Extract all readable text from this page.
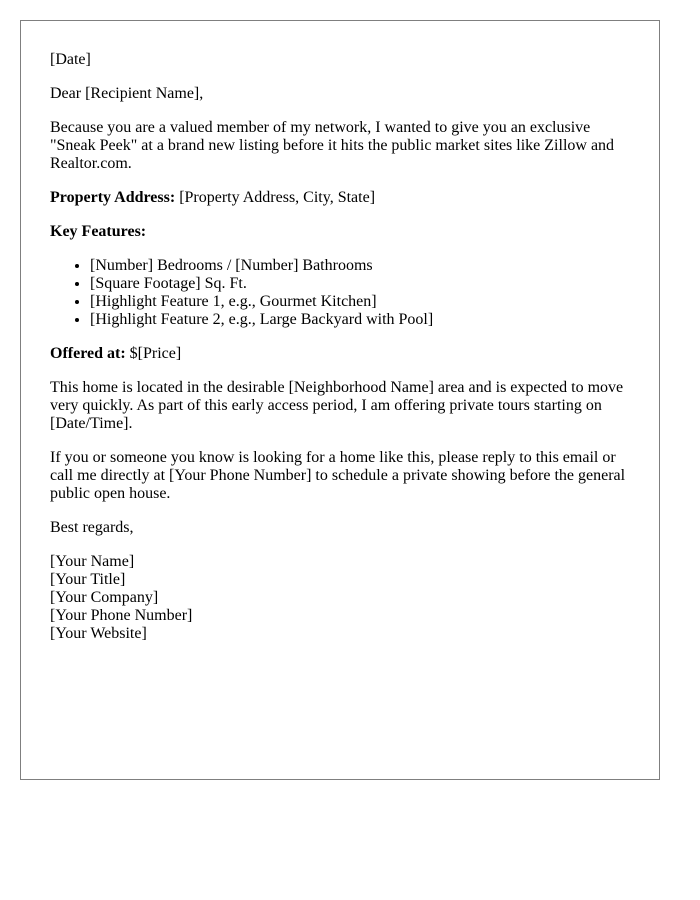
[Date]

Dear [Recipient Name],

Because you are a valued member of my network, I wanted to give you an exclusive "Sneak Peek" at a brand new listing before it hits the public market sites like Zillow and Realtor.com.

Property Address: [Property Address, City, State]

Key Features:

• [Number] Bedrooms / [Number] Bathrooms
• [Square Footage] Sq. Ft.
• [Highlight Feature 1, e.g., Gourmet Kitchen]
• [Highlight Feature 2, e.g., Large Backyard with Pool]

Offered at: $[Price]

This home is located in the desirable [Neighborhood Name] area and is expected to move very quickly. As part of this early access period, I am offering private tours starting on [Date/Time].

If you or someone you know is looking for a home like this, please reply to this email or call me directly at [Your Phone Number] to schedule a private showing before the general public open house.

Best regards,

[Your Name]
[Your Title]
[Your Company]
[Your Phone Number]
[Your Website]
